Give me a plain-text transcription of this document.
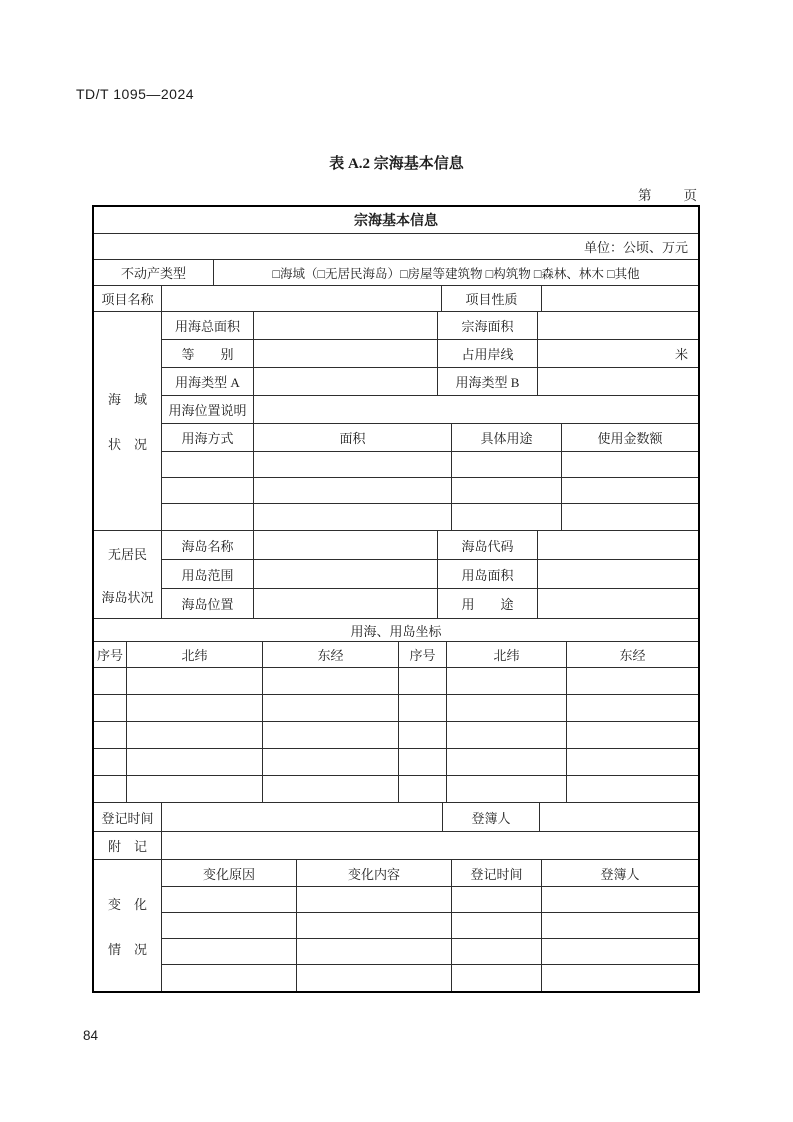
TD/T 1095—2024
表 A.2 宗海基本信息
第 页
宗海基本信息
单位：公顷、万元
不动产类型	□海域（□无居民海岛）□房屋等建筑物 □构筑物 □森林、林木 □其他
项目名称	项目性质
海　域
状　况
用海总面积	宗海面积
等　　别	占用岸线	米
用海类型 A	用海类型 B
用海位置说明
用海方式	面积	具体用途	使用金数额
无居民
海岛状况
海岛名称	海岛代码
用岛范围	用岛面积
海岛位置	用　　途
用海、用岛坐标
序号	北纬	东经	序号	北纬	东经
登记时间	登簿人
附　记
变　化
情　况
变化原因	变化内容	登记时间	登簿人
84
